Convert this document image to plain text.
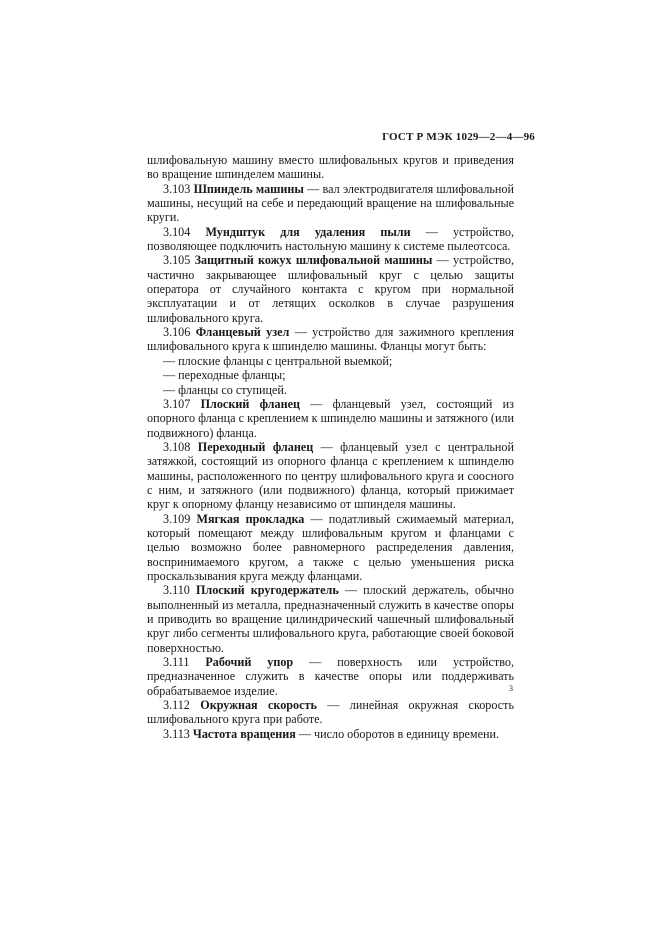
ГОСТ Р МЭК 1029—2—4—96

шлифовальную машину вместо шлифовальных кругов и приведения во вращение шпинделем машины.

3.103 Шпиндель машины — вал электродвигателя шлифовальной машины, несущий на себе и передающий вращение на шлифовальные круги.

3.104 Мундштук для удаления пыли — устройство, позволяющее подключить настольную машину к системе пылеотсоса.

3.105 Защитный кожух шлифовальной машины — устройство, частично закрывающее шлифовальный круг с целью защиты оператора от случайного контакта с кругом при нормальной эксплуатации и от летящих осколков в случае разрушения шлифовального круга.

3.106 Фланцевый узел — устройство для зажимного крепления шлифовального круга к шпинделю машины. Фланцы могут быть:

— плоские фланцы с центральной выемкой;

— переходные фланцы;

— фланцы со ступицей.

3.107 Плоский фланец — фланцевый узел, состоящий из опорного фланца с креплением к шпинделю машины и затяжного (или подвижного) фланца.

3.108 Переходный фланец — фланцевый узел с центральной затяжкой, состоящий из опорного фланца с креплением к шпинделю машины, расположенного по центру шлифовального круга и соосного с ним, и затяжного (или подвижного) фланца, который прижимает круг к опорному фланцу независимо от шпинделя машины.

3.109 Мягкая прокладка — податливый сжимаемый материал, который помещают между шлифовальным кругом и фланцами с целью возможно более равномерного распределения давления, воспринимаемого кругом, а также с целью уменьшения риска проскальзывания круга между фланцами.

3.110 Плоский кругодержатель — плоский держатель, обычно выполненный из металла, предназначенный служить в качестве опоры и приводить во вращение цилиндрический чашечный шлифовальный круг либо сегменты шлифовального круга, работающие своей боковой поверхностью.

3.111 Рабочий упор — поверхность или устройство, предназначенное служить в качестве опоры или поддерживать обрабатываемое изделие.

3.112 Окружная скорость — линейная окружная скорость шлифовального круга при работе.

3.113 Частота вращения — число оборотов в единицу времени.

3
